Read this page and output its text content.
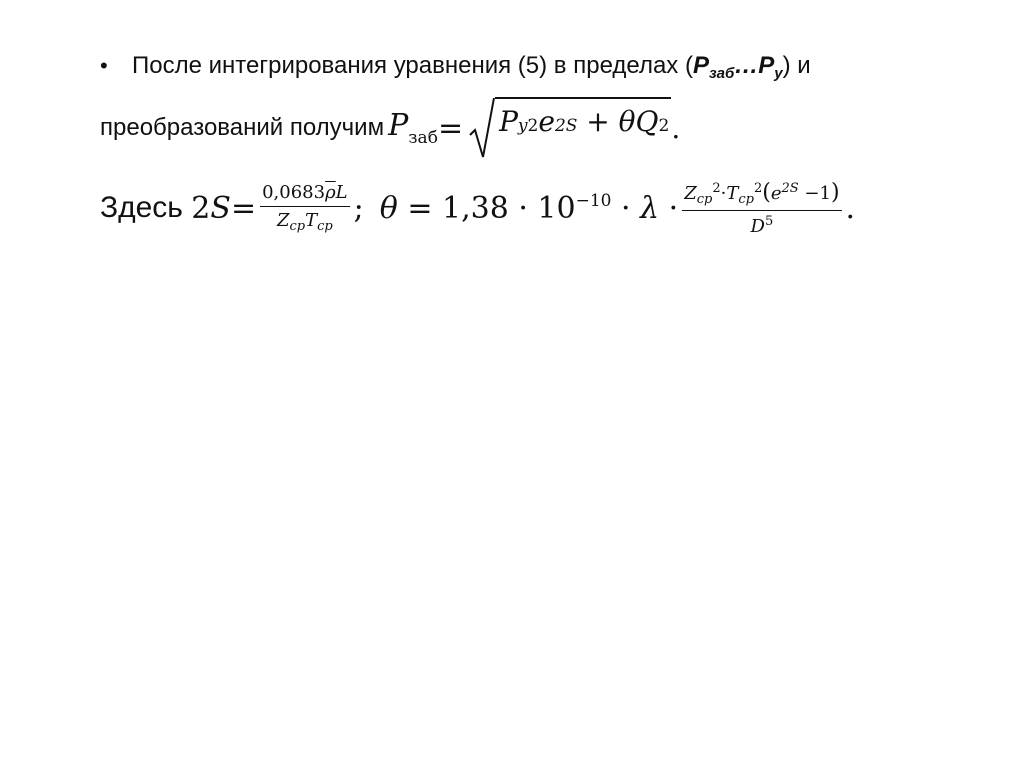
•	После интегрирования уравнения (5) в пределах ( $P_{заб}$ … $P_у$ ) и
преобразований получим $P_{заб} = P$ y 2 e 2S + θQ 2 .
Здесь $2S = \frac{0,0683\overline{\rho}L}{Z_{cp}T_{cp}}$ ; $\theta = 1,38 \cdot 10^{-10} \cdot \lambda \cdot \frac{Z_{cp}^2\cdot T_{cp}^2(e^{2S} -1)}{D^5}$ .
